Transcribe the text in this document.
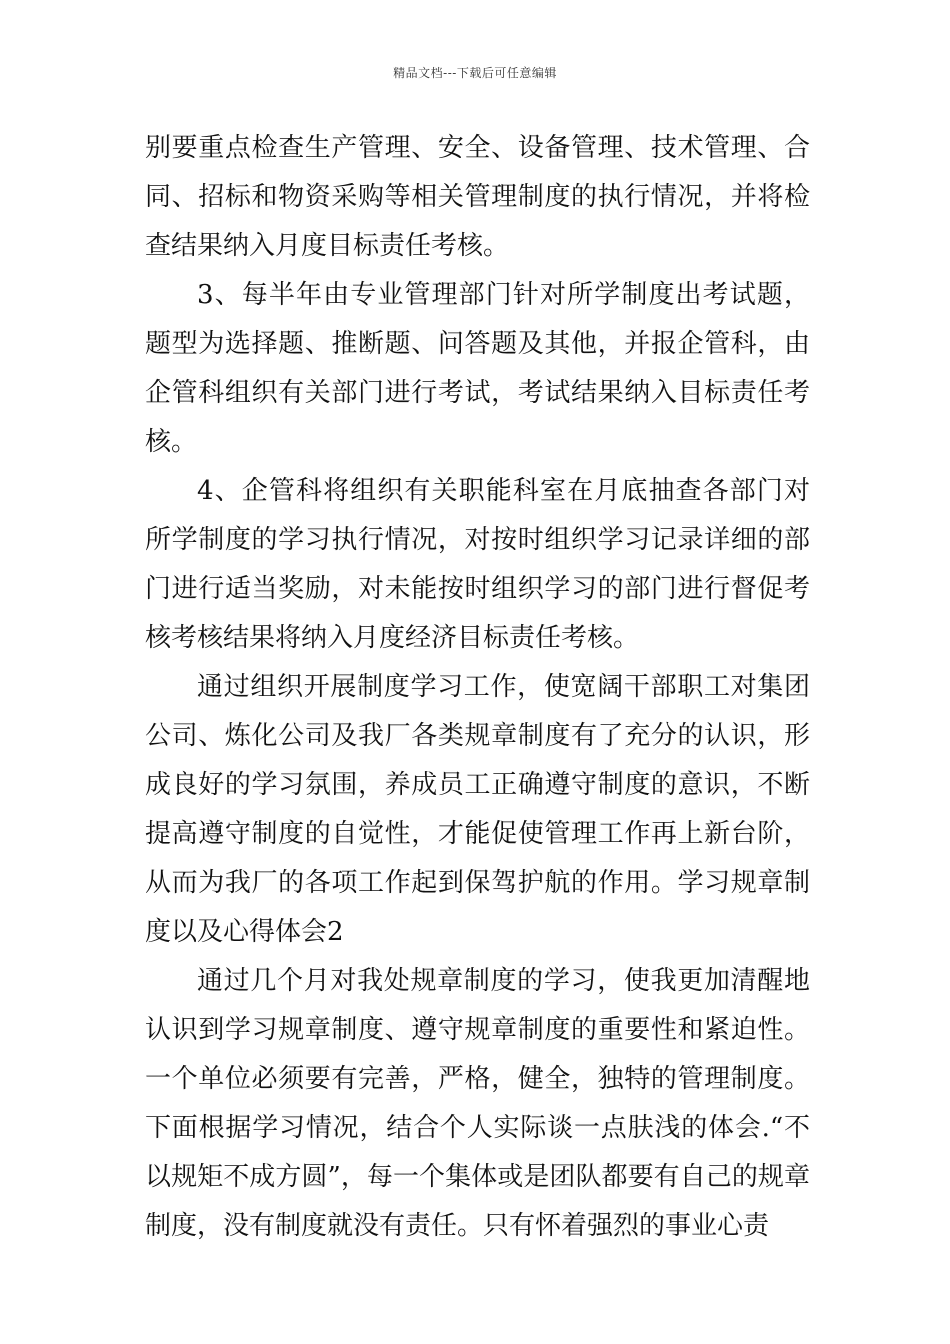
精品文档---下载后可任意编辑

别要重点检查生产管理、安全、设备管理、技术管理、合同、招标和物资采购等相关管理制度的执行情况，并将检查结果纳入月度目标责任考核。

3、每半年由专业管理部门针对所学制度出考试题，题型为选择题、推断题、问答题及其他，并报企管科，由企管科组织有关部门进行考试，考试结果纳入目标责任考核。

4、企管科将组织有关职能科室在月底抽查各部门对所学制度的学习执行情况，对按时组织学习记录详细的部门进行适当奖励，对未能按时组织学习的部门进行督促考核考核结果将纳入月度经济目标责任考核。

通过组织开展制度学习工作，使宽阔干部职工对集团公司、炼化公司及我厂各类规章制度有了充分的认识，形成良好的学习氛围，养成员工正确遵守制度的意识，不断提高遵守制度的自觉性，才能促使管理工作再上新台阶，从而为我厂的各项工作起到保驾护航的作用。学习规章制度以及心得体会2

通过几个月对我处规章制度的学习，使我更加清醒地认识到学习规章制度、遵守规章制度的重要性和紧迫性。一个单位必须要有完善，严格，健全，独特的管理制度。下面根据学习情况，结合个人实际谈一点肤浅的体会.“不以规矩不成方圆”，每一个集体或是团队都要有自己的规章制度，没有制度就没有责任。只有怀着强烈的事业心责
